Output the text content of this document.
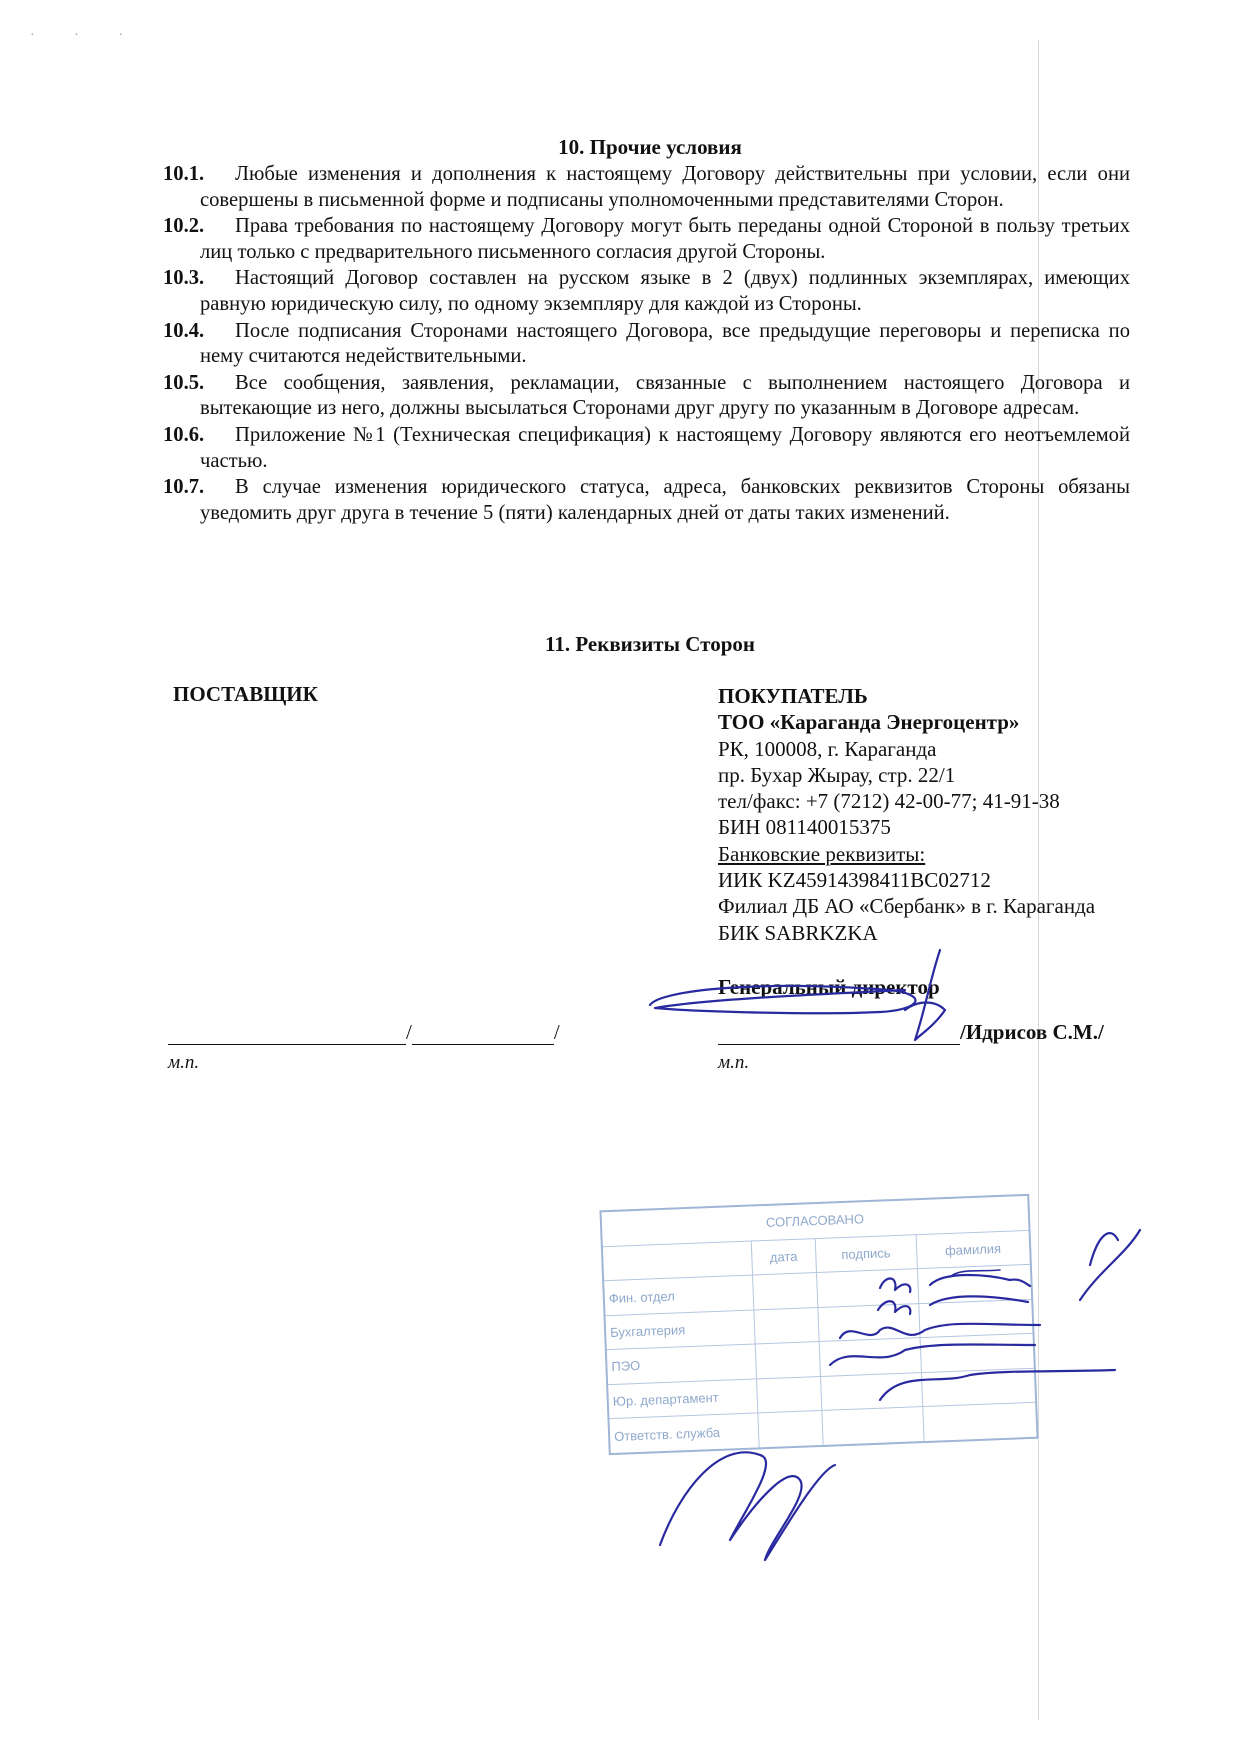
· · ·
10. Прочие условия
10.1.	Любые изменения и дополнения к настоящему Договору действительны при условии, если они совершены в письменной форме и подписаны уполномоченными представителями Сторон.
10.2.	Права требования по настоящему Договору могут быть переданы одной Стороной в пользу третьих лиц только с предварительного письменного согласия другой Стороны.
10.3.	Настоящий Договор составлен на русском языке в 2 (двух) подлинных экземплярах, имеющих равную юридическую силу, по одному экземпляру для каждой из Стороны.
10.4.	После подписания Сторонами настоящего Договора, все предыдущие переговоры и переписка по нему считаются недействительными.
10.5.	Все сообщения, заявления, рекламации, связанные с выполнением настоящего Договора и вытекающие из него, должны высылаться Сторонами друг другу по указанным в Договоре адресам.
10.6.	Приложение №1 (Техническая спецификация) к настоящему Договору являются его неотъемлемой частью.
10.7.	В случае изменения юридического статуса, адреса, банковских реквизитов Стороны обязаны уведомить друг друга в течение 5 (пяти) календарных дней от даты таких изменений.
11. Реквизиты Сторон
ПОСТАВЩИК	ПОКУПАТЕЛЬ
ТОО «Караганда Энергоцентр»
РК, 100008, г. Караганда
пр. Бухар Жырау, стр. 22/1
тел/факс: +7 (7212) 42-00-77; 41-91-38
БИН 081140015375
Банковские реквизиты:
ИИК KZ45914398411BC02712
Филиал ДБ АО «Сбербанк» в г. Караганда
БИК SABRKZKA
Генеральный директор
/	/
м.п.
/Идрисов С.М./
м.п.
СОГЛАСОВАНО			
	дата	подпись	фамилия
Фин. отдел			
Бухгалтерия			
ПЭО			
Юр. департамент			
Ответств. служба			
